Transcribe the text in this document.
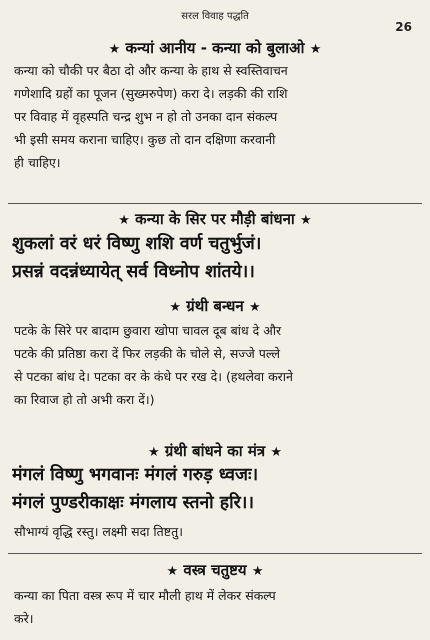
सरल विवाह पद्धति
26
★ कन्यां आनीय - कन्या को बुलाओ ★
कन्या को चौकी पर बैठा दो और कन्या के हाथ से स्वस्तिवाचन
गणेशादि ग्रहों का पूजन (सुख्मरुपेण) करा दे। लड़की की राशि
पर विवाह में वृहस्पति चन्द्र शुभ न हो तो उनका दान संकल्प
भी इसी समय कराना चाहिए। कुछ तो दान दक्षिणा करवानी
ही चाहिए।
★ कन्या के सिर पर मौड़ी बांधना ★
शुकलां वरं धरं विष्णु शशि वर्ण चतुर्भुजं।
प्रसन्नं वदन्नंध्यायेत् सर्व विध्नोप शांतये।।
★ ग्रंथी बन्धन ★
पटके के सिरे पर बादाम छुवारा खोपा चावल दूब बांध दे और
पटके की प्रतिष्ठा करा दें फिर लड़की के चोले से, सज्जे पल्ले
से पटका बांध दे। पटका वर के कंधे पर रख दे। (हथलेवा कराने
का रिवाज हो तो अभी करा दें।)
★ ग्रंथी बांधने का मंत्र ★
मंगलं विष्णु भगवानः मंगलं गरुड़ ध्वजः।
मंगलं पुण्डरीकाक्षः मंगलाय स्तनो हरि।।
सौभाग्यं वृद्धि रस्तु। लक्ष्मी सदा तिष्टतु।
★ वस्त्र चतुष्टय ★
कन्या का पिता वस्त्र रूप में चार मौली हाथ में लेकर संकल्प
करे।
